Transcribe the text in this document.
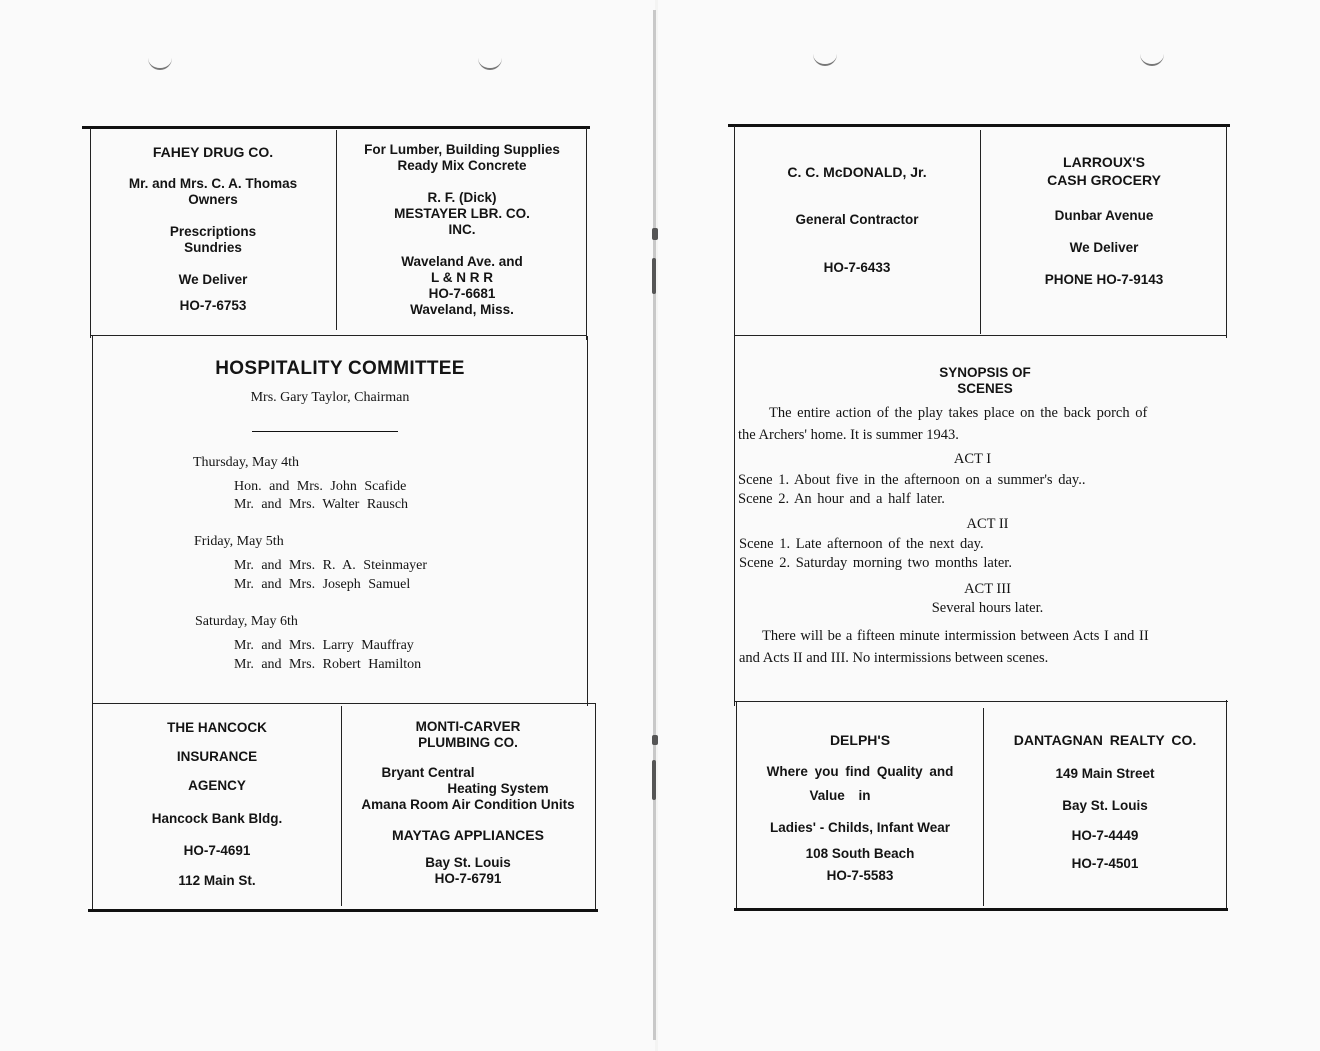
FAHEY DRUG CO.
Mr. and Mrs. C. A. Thomas
Owners
Prescriptions
Sundries
We Deliver
HO-7-6753
For Lumber, Building Supplies
Ready Mix Concrete
R. F. (Dick)
MESTAYER LBR. CO.
INC.
Waveland Ave. and
L & N R R
HO-7-6681
Waveland, Miss.
HOSPITALITY COMMITTEE
Mrs. Gary Taylor, Chairman
Thursday, May 4th
Hon. and Mrs. John Scafide
Mr. and Mrs. Walter Rausch
Friday, May 5th
Mr. and Mrs. R. A. Steinmayer
Mr. and Mrs. Joseph Samuel
Saturday, May 6th
Mr. and Mrs. Larry Mauffray
Mr. and Mrs. Robert Hamilton
THE HANCOCK
INSURANCE
AGENCY
Hancock Bank Bldg.
HO-7-4691
112 Main St.
MONTI-CARVER
PLUMBING CO.
Bryant Central
Heating System
Amana Room Air Condition Units
MAYTAG APPLIANCES
Bay St. Louis
HO-7-6791
C. C. McDONALD, Jr.
General Contractor
HO-7-6433
LARROUX'S
CASH GROCERY
Dunbar Avenue
We Deliver
PHONE HO-7-9143
SYNOPSIS OF
SCENES
The entire action of the play takes place on the back porch of
the Archers' home. It is summer 1943.
ACT I
Scene 1. About five in the afternoon on a summer's day..
Scene 2. An hour and a half later.
ACT II
Scene 1. Late afternoon of the next day.
Scene 2. Saturday morning two months later.
ACT III
Several hours later.
There will be a fifteen minute intermission between Acts I and II
and Acts II and III. No intermissions between scenes.
DELPH'S
Where you find Quality and
Value in
Ladies' - Childs, Infant Wear
108 South Beach
HO-7-5583
DANTAGNAN REALTY CO.
149 Main Street
Bay St. Louis
HO-7-4449
HO-7-4501
